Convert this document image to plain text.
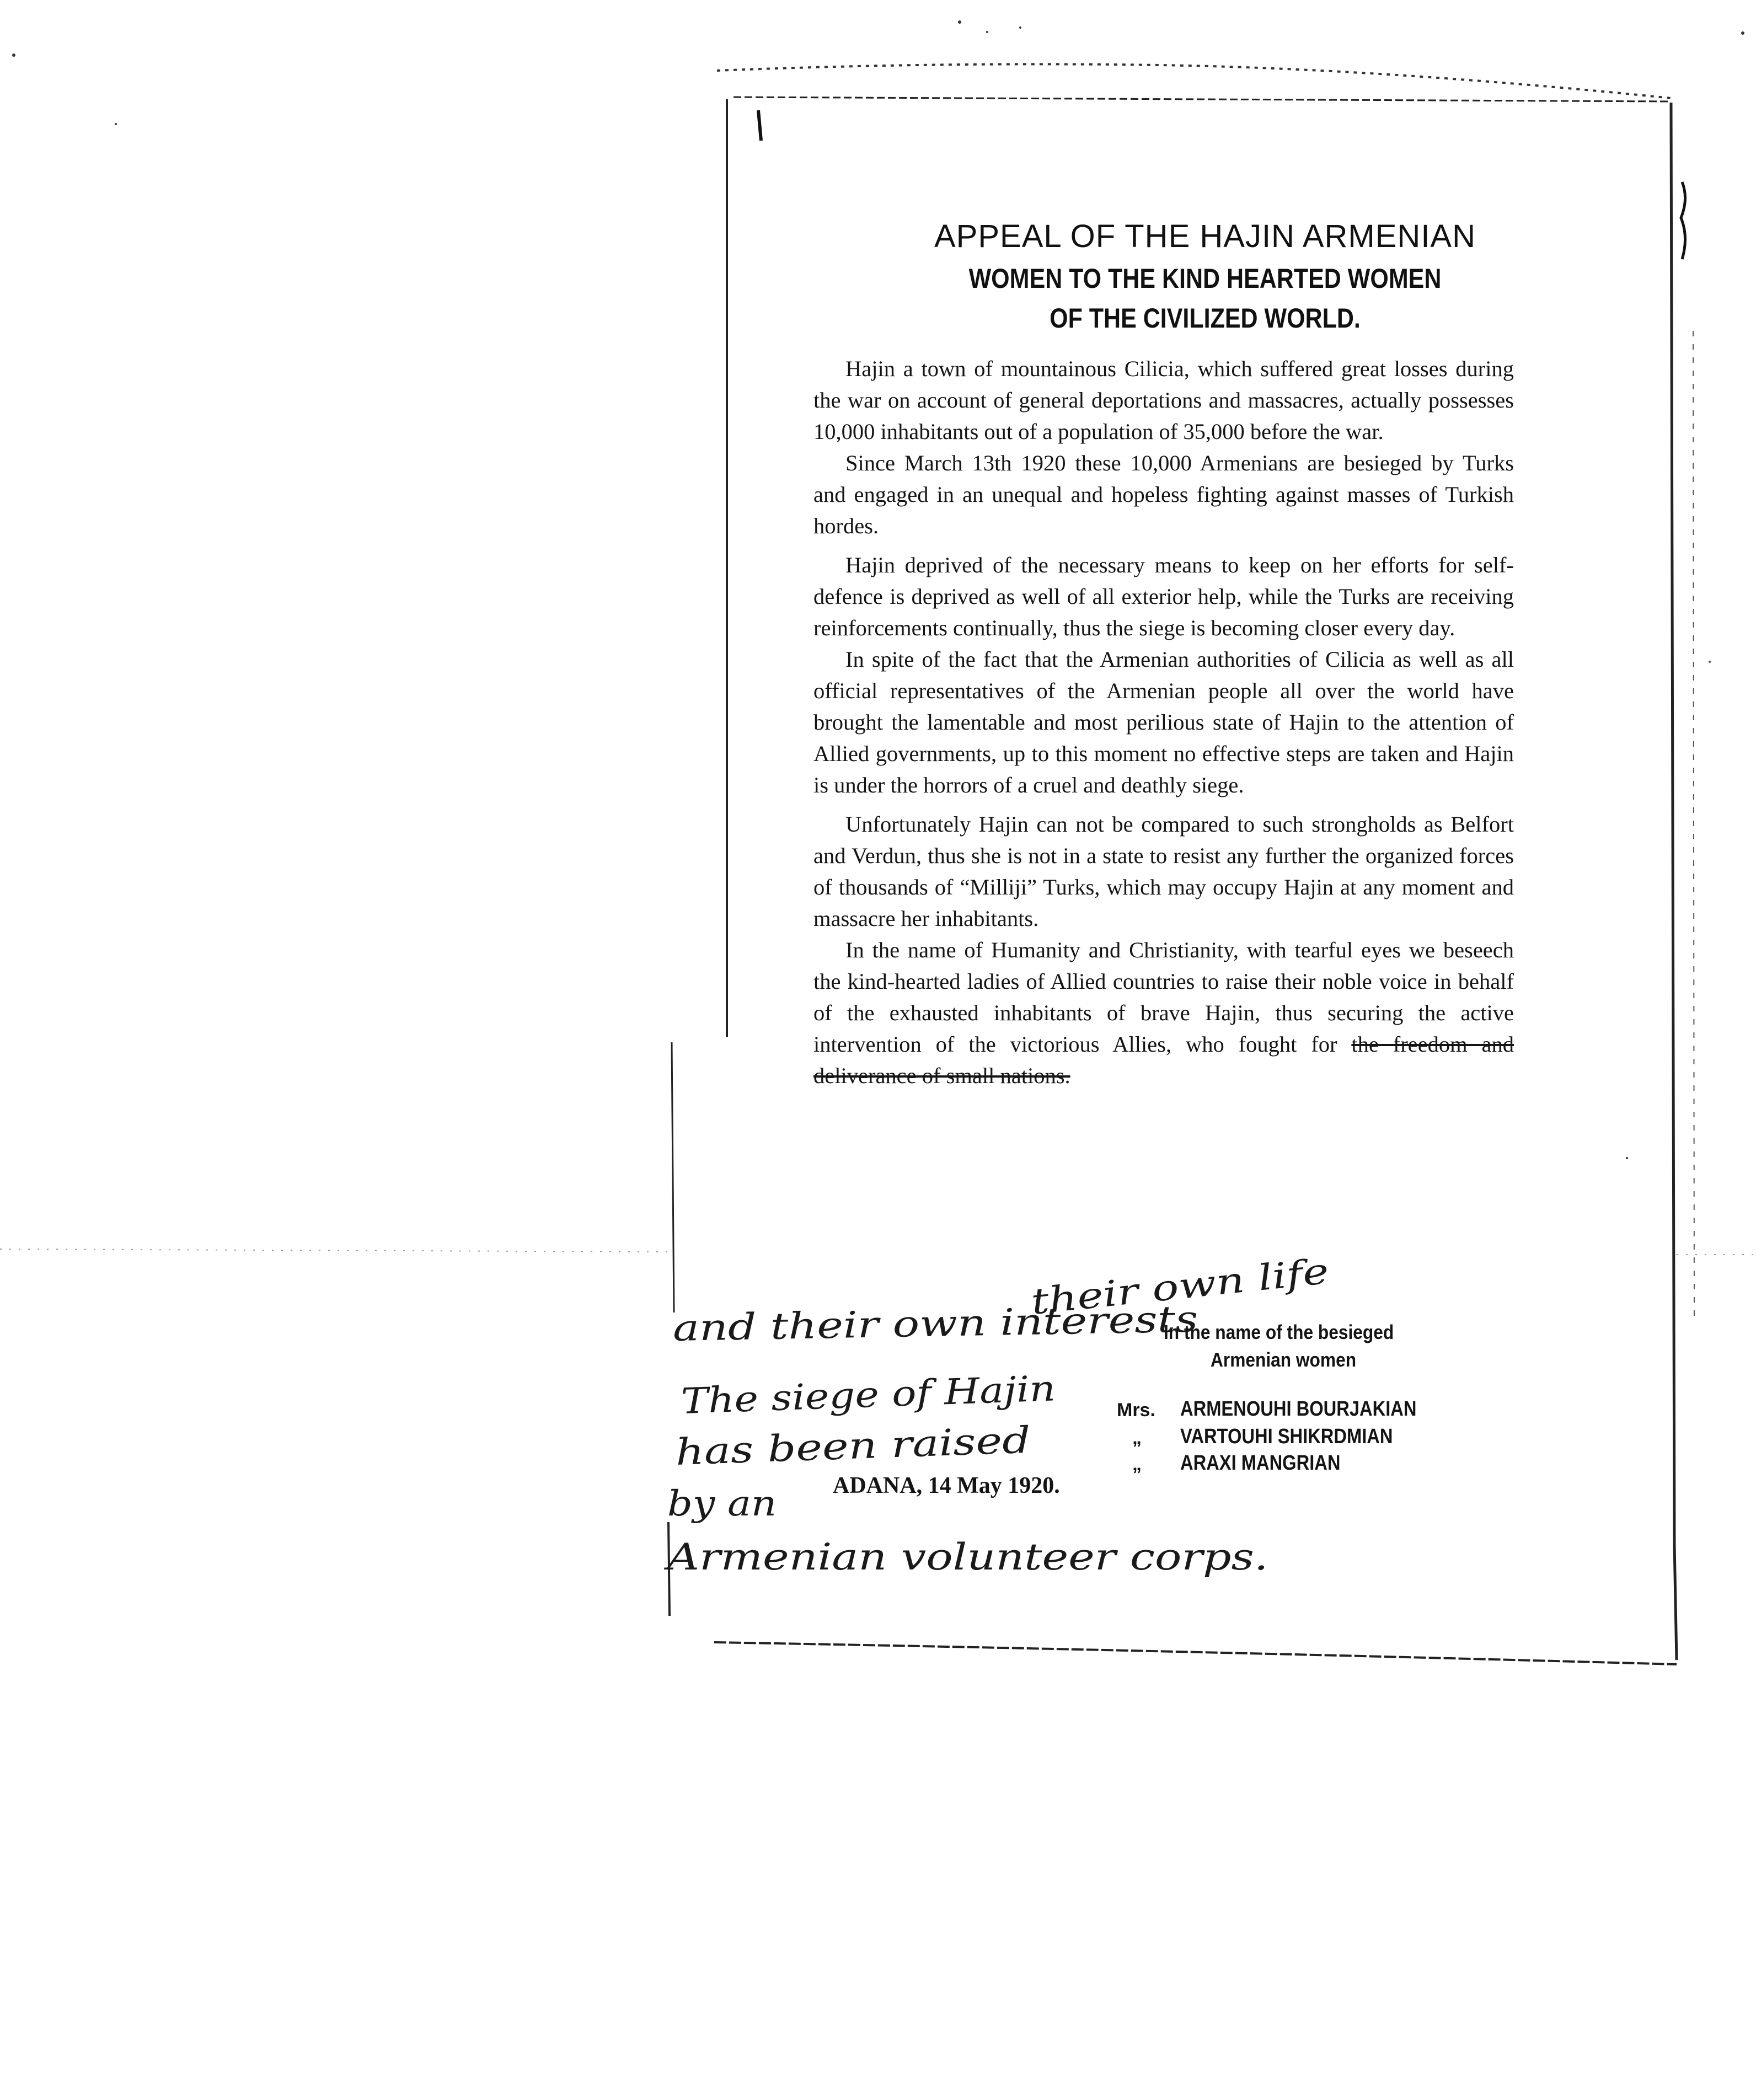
APPEAL OF THE HAJIN ARMENIAN
WOMEN TO THE KIND HEARTED WOMEN
OF THE CIVILIZED WORLD.

Hajin a town of mountainous Cilicia, which suffered great losses during the war on account of general deportations and massacres, actually possesses 10,000 inhabitants out of a population of 35,000 before the war.

Since March 13th 1920 these 10,000 Armenians are besieged by Turks and engaged in an unequal and hopeless fighting against masses of Turkish hordes.

Hajin deprived of the necessary means to keep on her efforts for self-defence is deprived as well of all exterior help, while the Turks are receiving reinforcements continually, thus the siege is becoming closer every day.

In spite of the fact that the Armenian authorities of Cilicia as well as all official representatives of the Armenian people all over the world have brought the lamentable and most perilious state of Hajin to the attention of Allied governments, up to this moment no effective steps are taken and Hajin is under the horrors of a cruel and deathly siege.

Unfortunately Hajin can not be compared to such strongholds as Belfort and Verdun, thus she is not in a state to resist any further the organized forces of thousands of “Milliji” Turks, which may occupy Hajin at any moment and massacre her inhabitants.

In the name of Humanity and Christianity, with tearful eyes we beseech the kind-hearted ladies of Allied countries to raise their noble voice in behalf of the exhausted inhabitants of brave Hajin, thus securing the active intervention of the victorious Allies, who fought for the freedom and deliverance of small nations.

In the name of the besieged
Armenian women
Mrs. ARMENOUHI BOURJAKIAN
„ VARTOUHI SHIKRDMIAN
„ ARAXI MANGRIAN
ADANA, 14 May 1920.
their own life
and their own interests
The siege of Hajin
has been raised
by an
Armenian volunteer corps.
